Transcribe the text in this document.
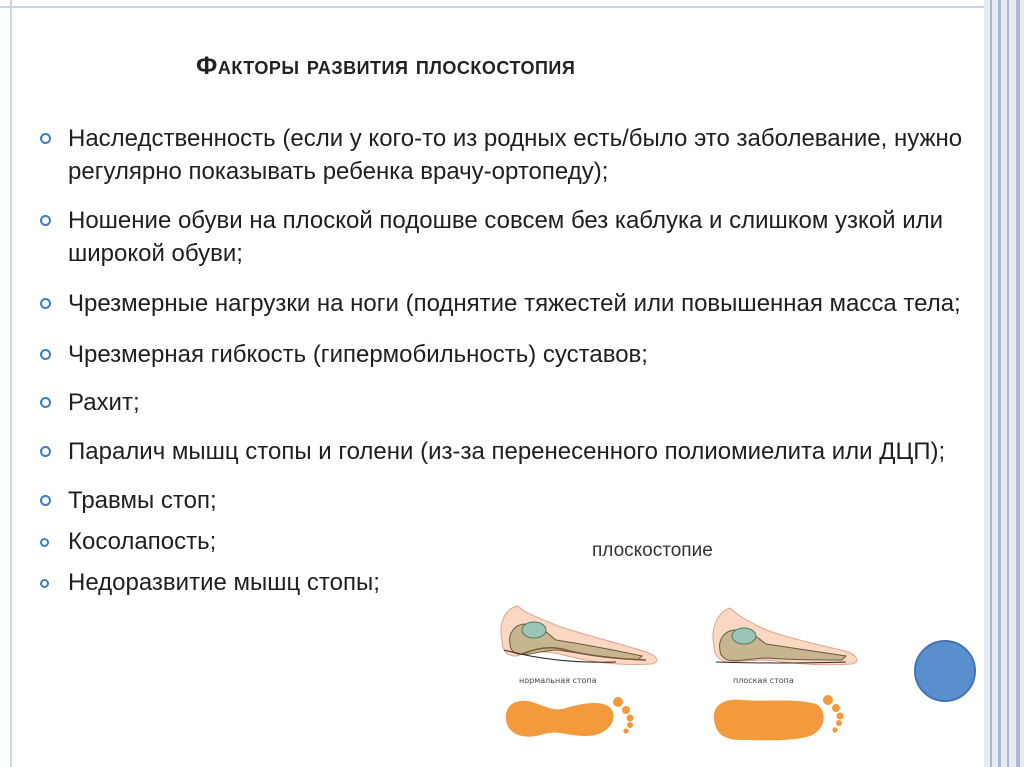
Факторы развития плоскостопия
Наследственность (если у кого-то из родных есть/было это заболевание, нужно регулярно показывать ребенка врачу-ортопеду);
Ношение обуви на плоской подошве совсем без каблука и слишком узкой или широкой обуви;
Чрезмерные нагрузки на ноги (поднятие тяжестей или повышенная масса тела;
Чрезмерная гибкость (гипермобильность) суставов;
Рахит;
Паралич мышц стопы и голени (из-за перенесенного полиомиелита или ДЦП);
Травмы стоп;
Косолапость;
Недоразвитие мышц стопы;
плоскостопие
нормальная стопа	плоская стопа
